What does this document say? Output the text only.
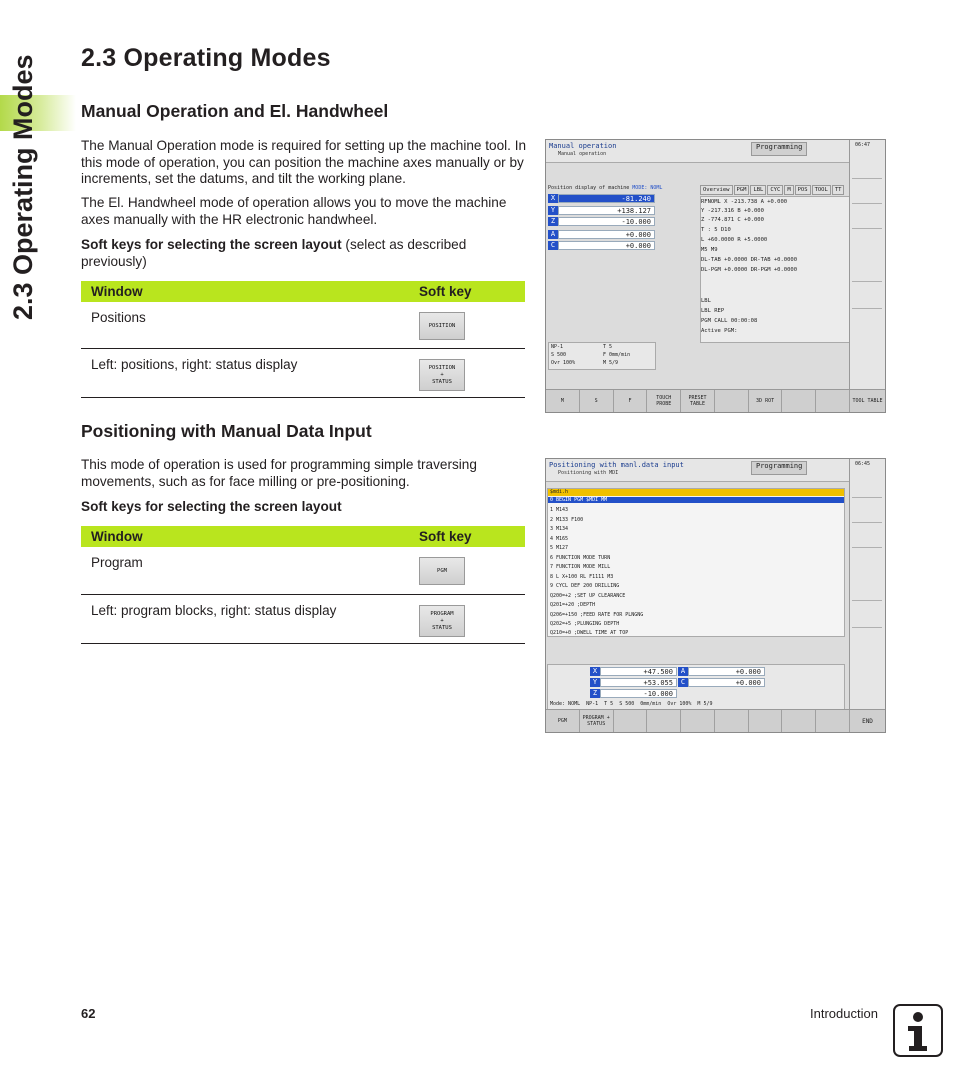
2.3 Operating Modes	2.3 Operating Modes
Manual Operation and El. Handwheel

The Manual Operation mode is required for setting up the machine tool. In this mode of operation, you can position the machine axes manually or by increments, set the datums, and tilt the working plane.

The El. Handwheel mode of operation allows you to move the machine axes manually with the HR electronic handwheel.

Soft keys for selecting the screen layout (select as described previously)

Window	Soft key
Positions	POSITION

Left: positions, right: status display	POSITION
+
STATUS
Positioning with Manual Data Input

This mode of operation is used for programming simple traversing movements, such as for face milling or pre-positioning.

Soft keys for selecting the screen layout

Window	Soft key
Program	PGM

Left: program blocks, right: status display	PROGRAM
+
STATUS
Manual operation
Manual operation
Programming
Position display of machine MODE: NOML
X	-81.240
Y	+138.127
Z	-10.000
A	+0.000
C	+0.000
Overview	PGM	LBL	CYC	M	POS	TOOL	TT
RFNOML X -213.738 A +0.000
Y -217.316 B +0.000
Z -774.871 C +0.000
T : 5 D10
L +60.0000 R +5.0000
M5 M9
DL-TAB +0.0000 DR-TAB +0.0000
DL-PGM +0.0000 DR-PGM +0.0000
LBL
LBL REP
PGM CALL 00:00:08
Active PGM:
NP-1	T 5
S 500	F 0mm/min
Ovr 100%	M 5/9
06:47
M	S	F	TOUCH PROBE
PRESET TABLE	3D ROT	TOOL TABLE
Positioning with manl.data input
Positioning with MDI
Programming
$mdi.h
0 BEGIN PGM $MDI MM
1 M143
2 M133 F100
3 M134
4 M165
5 M127
6 FUNCTION MODE TURN
7 FUNCTION MODE MILL
8 L X+100 RL F1111 M3
9 CYCL DEF 200 DRILLING
Q200=+2 ;SET UP CLEARANCE
Q201=+20 ;DEPTH
Q206=+150 ;FEED RATE FOR PLNGNG
Q202=+5 ;PLUNGING DEPTH
Q210=+0 ;DWELL TIME AT TOP
X	+47.500
Y	+53.055
Z	-10.000
A	+0.000
C	+0.000
Mode: NOML NP-1 T 5 S 500 0mm/min Ovr 100% M 5/9
06:45
PGM	PROGRAM + STATUS	END
62	Introduction
